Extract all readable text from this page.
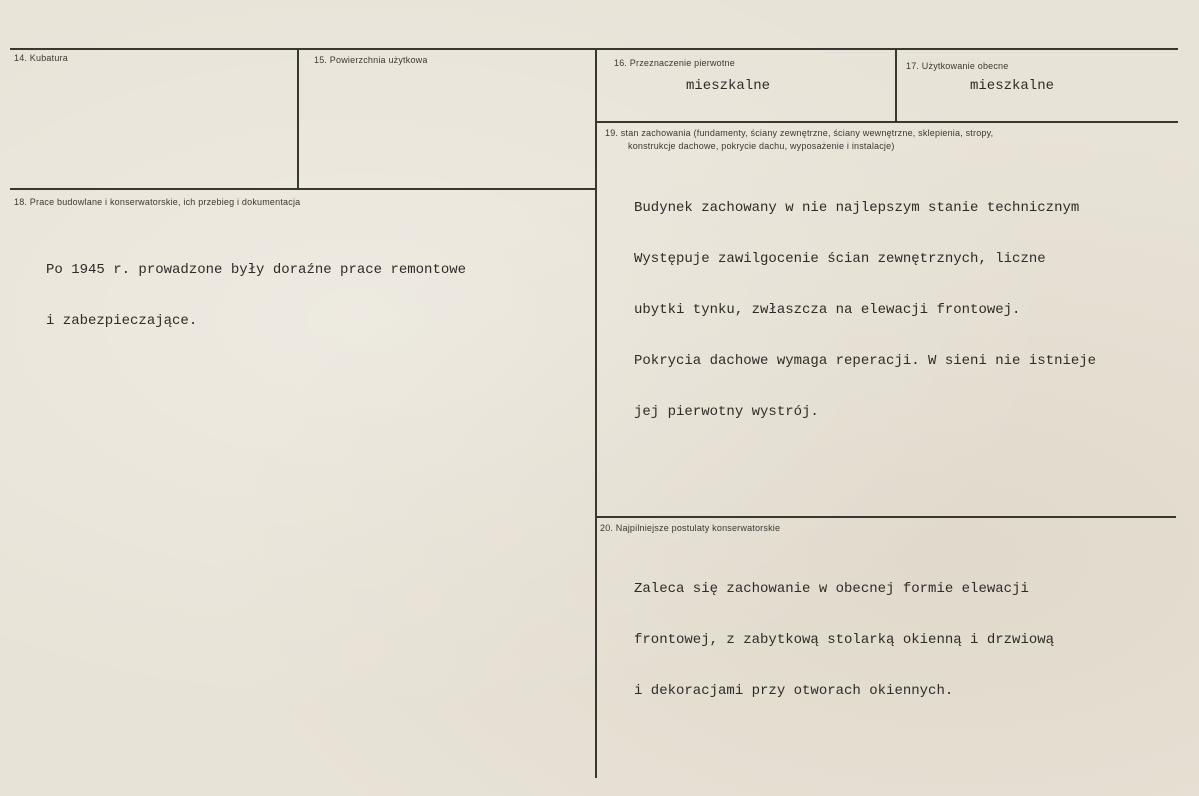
14. Kubatura	15. Powierzchnia użytkowa	16. Przeznaczenie pierwotne
mieszkalne
17. Użytkowanie obecne
mieszkalne
18. Prace budowlane i konserwatorskie, ich przebieg i dokumentacja

Po 1945 r. prowadzone były doraźne prace remontowe

i zabezpieczające.

19. stan zachowania (fundamenty, ściany zewnętrzne, ściany wewnętrzne, sklepienia, stropy,
konstrukcje dachowe, pokrycie dachu, wyposażenie i instalacje)

Budynek zachowany w nie najlepszym stanie technicznym

Występuje zawilgocenie ścian zewnętrznych, liczne

ubytki tynku, zwłaszcza na elewacji frontowej.

Pokrycia dachowe wymaga reperacji. W sieni nie istnieje

jej pierwotny wystrój.

20. Najpilniejsze postulaty konserwatorskie

Zaleca się zachowanie w obecnej formie elewacji

frontowej, z zabytkową stolarką okienną i drzwiową

i dekoracjami przy otworach okiennych.
